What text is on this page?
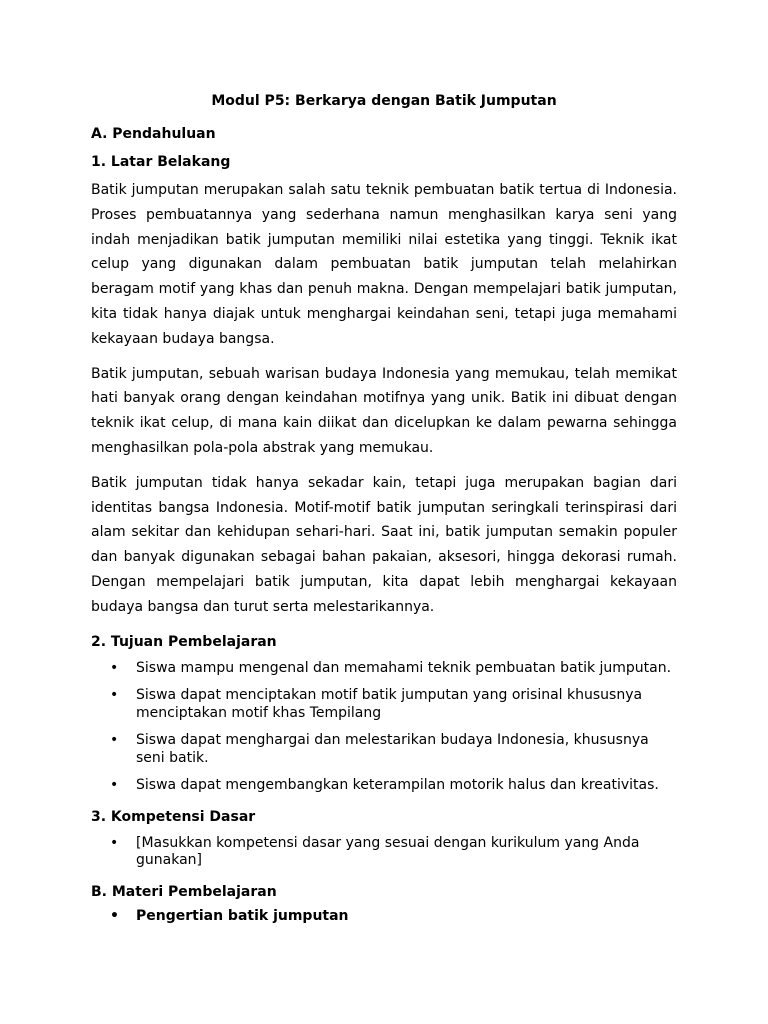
Modul P5: Berkarya dengan Batik Jumputan
A. Pendahuluan
1. Latar Belakang

Batik jumputan merupakan salah satu teknik pembuatan batik tertua di Indonesia. Proses pembuatannya yang sederhana namun menghasilkan karya seni yang indah menjadikan batik jumputan memiliki nilai estetika yang tinggi. Teknik ikat celup yang digunakan dalam pembuatan batik jumputan telah melahirkan beragam motif yang khas dan penuh makna. Dengan mempelajari batik jumputan, kita tidak hanya diajak untuk menghargai keindahan seni, tetapi juga memahami kekayaan budaya bangsa.

Batik jumputan, sebuah warisan budaya Indonesia yang memukau, telah memikat hati banyak orang dengan keindahan motifnya yang unik. Batik ini dibuat dengan teknik ikat celup, di mana kain diikat dan dicelupkan ke dalam pewarna sehingga menghasilkan pola-pola abstrak yang memukau.

Batik jumputan tidak hanya sekadar kain, tetapi juga merupakan bagian dari identitas bangsa Indonesia. Motif-motif batik jumputan seringkali terinspirasi dari alam sekitar dan kehidupan sehari-hari. Saat ini, batik jumputan semakin populer dan banyak digunakan sebagai bahan pakaian, aksesori, hingga dekorasi rumah. Dengan mempelajari batik jumputan, kita dapat lebih menghargai kekayaan budaya bangsa dan turut serta melestarikannya.

2. Tujuan Pembelajaran
• Siswa mampu mengenal dan memahami teknik pembuatan batik jumputan.
• Siswa dapat menciptakan motif batik jumputan yang orisinal khususnya menciptakan motif khas Tempilang
• Siswa dapat menghargai dan melestarikan budaya Indonesia, khususnya seni batik.
• Siswa dapat mengembangkan keterampilan motorik halus dan kreativitas.
3. Kompetensi Dasar
• [Masukkan kompetensi dasar yang sesuai dengan kurikulum yang Anda gunakan]
B. Materi Pembelajaran
• Pengertian batik jumputan
